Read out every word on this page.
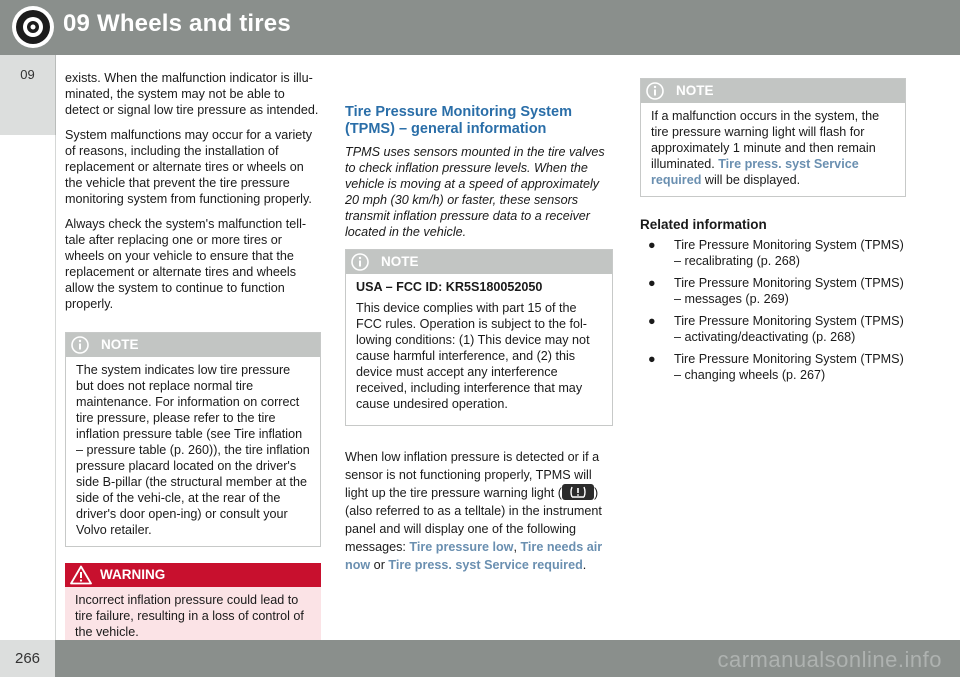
09 Wheels and tires
09	exists. When the malfunction indicator is illu-minated, the system may not be able to detect or signal low tire pressure as intended.

System malfunctions may occur for a variety of reasons, including the installation of replacement or alternate tires or wheels on the vehicle that prevent the tire pressure monitoring system from functioning properly.

Always check the system's malfunction tell-tale after replacing one or more tires or wheels on your vehicle to ensure that the replacement or alternate tires and wheels allow the system to continue to function properly.

NOTE
The system indicates low tire pressure but does not replace normal tire maintenance. For information on correct tire pressure, please refer to the tire inflation pressure table (see Tire inflation – pressure table (p. 260)), the tire inflation pressure placard located on the driver's side B-pillar (the structural member at the side of the vehi-cle, at the rear of the driver's door open-ing) or consult your Volvo retailer.
WARNING
Incorrect inflation pressure could lead to tire failure, resulting in a loss of control of the vehicle.
Tire Pressure Monitoring System (TPMS) – general information

TPMS uses sensors mounted in the tire valves to check inflation pressure levels. When the vehicle is moving at a speed of approximately 20 mph (30 km/h) or faster, these sensors transmit inflation pressure data to a receiver located in the vehicle.

NOTE

USA – FCC ID: KR5S180052050

This device complies with part 15 of the FCC rules. Operation is subject to the fol-lowing conditions: (1) This device may not cause harmful interference, and (2) this device must accept any interference received, including interference that may cause undesired operation.

When low inflation pressure is detected or if a sensor is not functioning properly, TPMS will light up the tire pressure warning light (	) (also referred to as a telltale) in the instrument panel and will display one of the following messages: Tire pressure low, Tire needs air now or Tire press. syst Service required.

NOTE
If a malfunction occurs in the system, the tire pressure warning light will flash for approximately 1 minute and then remain illuminated. Tire press. syst Service required will be displayed.
Related information
● Tire Pressure Monitoring System (TPMS) – recalibrating (p. 268)
● Tire Pressure Monitoring System (TPMS) – messages (p. 269)
● Tire Pressure Monitoring System (TPMS) – activating/deactivating (p. 268)
● Tire Pressure Monitoring System (TPMS) – changing wheels (p. 267)
266	carmanualsonline.info
